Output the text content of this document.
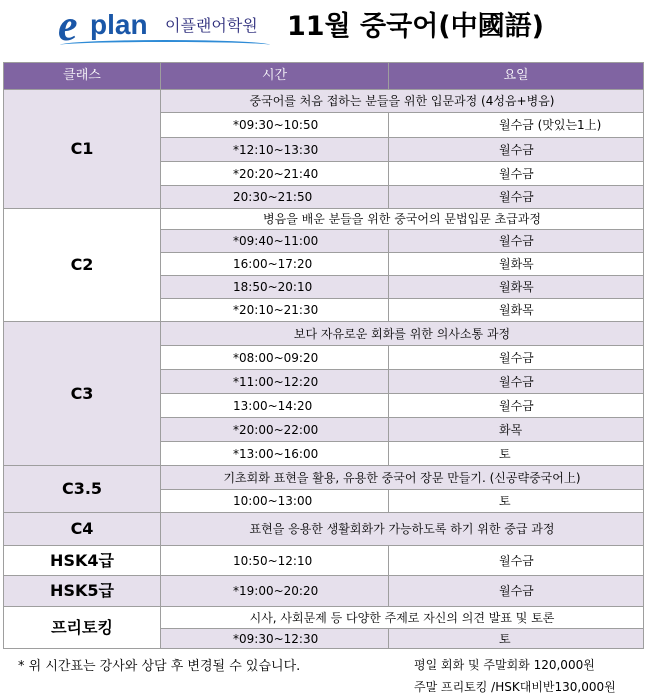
e plan 이플랜어학원 11월 중국어(中國語)
클래스	시간	요일
C1	중국어를 처음 접하는 분들을 위한 입문과정 (4성음+병음)	
	*09:30~10:50	월수금 (맛있는1上)
	*12:10~13:30	월수금
	*20:20~21:40	월수금
	20:30~21:50	월수금
C2	병음을 배운 분들을 위한 중국어의 문법입문 초급과정	
	*09:40~11:00	월수금
	16:00~17:20	월화목
	18:50~20:10	월화목
	*20:10~21:30	월화목
C3	보다 자유로운 회화를 위한 의사소통 과정	
	*08:00~09:20	월수금
	*11:00~12:20	월수금
	13:00~14:20	월수금
	*20:00~22:00	화목
	*13:00~16:00	토
C3.5	기초회화 표현을 활용, 유용한 중국어 장문 만들기. (신공략중국어上)	
	10:00~13:00	토
C4	표현을 응용한 생활회화가 가능하도록 하기 위한 중급 과정	
HSK4급	10:50~12:10	월수금
HSK5급	*19:00~20:20	월수금
프리토킹	시사, 사회문제 등 다양한 주제로 자신의 의견 발표 및 토론	
	*09:30~12:30	토
* 위 시간표는 강사와 상담 후 변경될 수 있습니다.	평일 회화 및 주말회화 120,000원
주말 프리토킹 /HSK대비반130,000원
